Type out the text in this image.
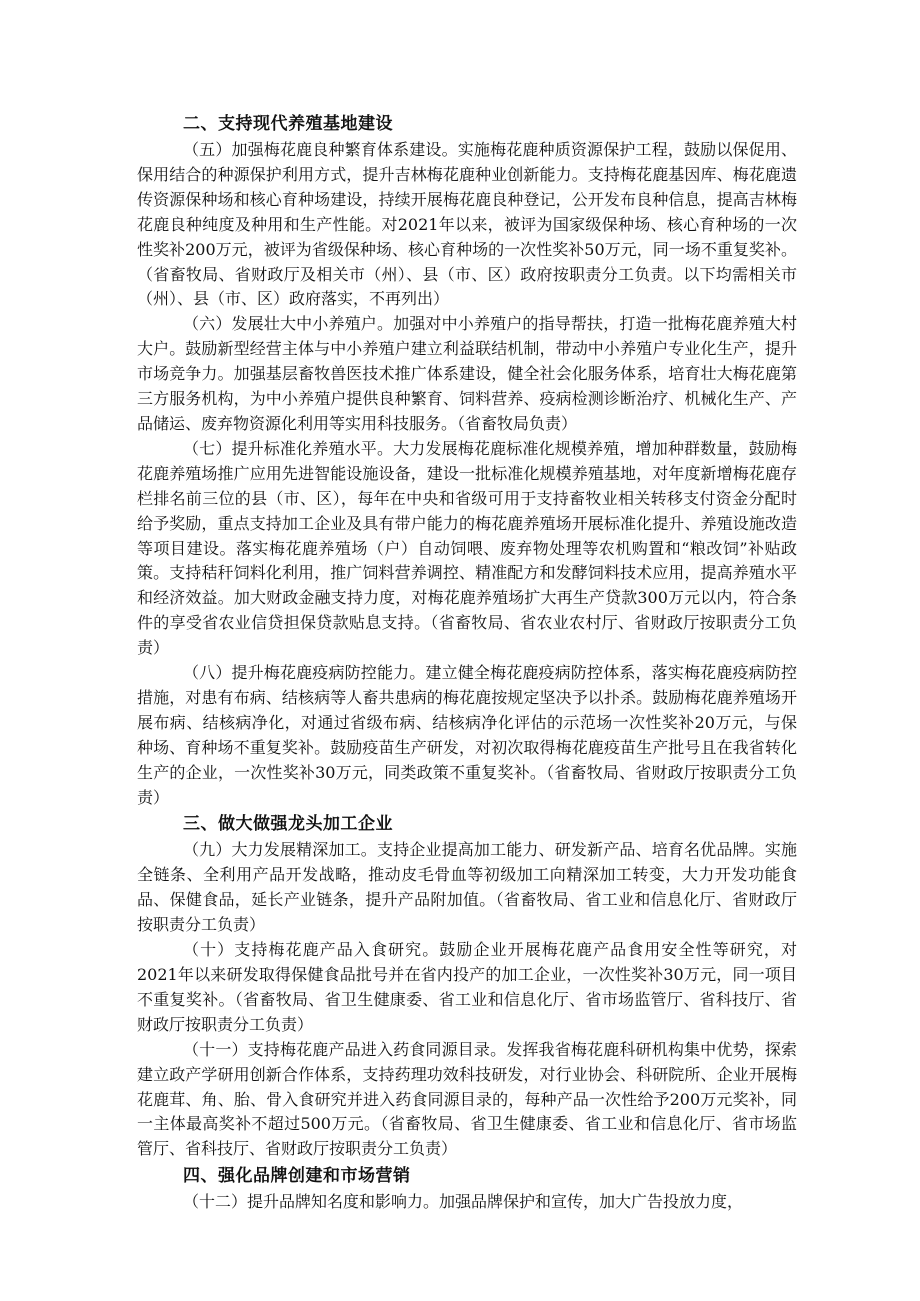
二、支持现代养殖基地建设

（五）加强梅花鹿良种繁育体系建设。实施梅花鹿种质资源保护工程，鼓励以保促用、保用结合的种源保护利用方式，提升吉林梅花鹿种业创新能力。支持梅花鹿基因库、梅花鹿遗传资源保种场和核心育种场建设，持续开展梅花鹿良种登记，公开发布良种信息，提高吉林梅花鹿良种纯度及种用和生产性能。对2021年以来，被评为国家级保种场、核心育种场的一次性奖补200万元，被评为省级保种场、核心育种场的一次性奖补50万元，同一场不重复奖补。（省畜牧局、省财政厅及相关市（州）、县（市、区）政府按职责分工负责。以下均需相关市（州）、县（市、区）政府落实，不再列出）

（六）发展壮大中小养殖户。加强对中小养殖户的指导帮扶，打造一批梅花鹿养殖大村大户。鼓励新型经营主体与中小养殖户建立利益联结机制，带动中小养殖户专业化生产，提升市场竞争力。加强基层畜牧兽医技术推广体系建设，健全社会化服务体系，培育壮大梅花鹿第三方服务机构，为中小养殖户提供良种繁育、饲料营养、疫病检测诊断治疗、机械化生产、产品储运、废弃物资源化利用等实用科技服务。（省畜牧局负责）

（七）提升标准化养殖水平。大力发展梅花鹿标准化规模养殖，增加种群数量，鼓励梅花鹿养殖场推广应用先进智能设施设备，建设一批标准化规模养殖基地，对年度新增梅花鹿存栏排名前三位的县（市、区），每年在中央和省级可用于支持畜牧业相关转移支付资金分配时给予奖励，重点支持加工企业及具有带户能力的梅花鹿养殖场开展标准化提升、养殖设施改造等项目建设。落实梅花鹿养殖场（户）自动饲喂、废弃物处理等农机购置和“粮改饲”补贴政策。支持秸秆饲料化利用，推广饲料营养调控、精准配方和发酵饲料技术应用，提高养殖水平和经济效益。加大财政金融支持力度，对梅花鹿养殖场扩大再生产贷款300万元以内，符合条件的享受省农业信贷担保贷款贴息支持。（省畜牧局、省农业农村厅、省财政厅按职责分工负责）

（八）提升梅花鹿疫病防控能力。建立健全梅花鹿疫病防控体系，落实梅花鹿疫病防控措施，对患有布病、结核病等人畜共患病的梅花鹿按规定坚决予以扑杀。鼓励梅花鹿养殖场开展布病、结核病净化，对通过省级布病、结核病净化评估的示范场一次性奖补20万元，与保种场、育种场不重复奖补。鼓励疫苗生产研发，对初次取得梅花鹿疫苗生产批号且在我省转化生产的企业，一次性奖补30万元，同类政策不重复奖补。（省畜牧局、省财政厅按职责分工负责）

三、做大做强龙头加工企业

（九）大力发展精深加工。支持企业提高加工能力、研发新产品、培育名优品牌。实施全链条、全利用产品开发战略，推动皮毛骨血等初级加工向精深加工转变，大力开发功能食品、保健食品，延长产业链条，提升产品附加值。（省畜牧局、省工业和信息化厅、省财政厅按职责分工负责）

（十）支持梅花鹿产品入食研究。鼓励企业开展梅花鹿产品食用安全性等研究，对2021年以来研发取得保健食品批号并在省内投产的加工企业，一次性奖补30万元，同一项目不重复奖补。（省畜牧局、省卫生健康委、省工业和信息化厅、省市场监管厅、省科技厅、省财政厅按职责分工负责）

（十一）支持梅花鹿产品进入药食同源目录。发挥我省梅花鹿科研机构集中优势，探索建立政产学研用创新合作体系，支持药理功效科技研发，对行业协会、科研院所、企业开展梅花鹿茸、角、胎、骨入食研究并进入药食同源目录的，每种产品一次性给予200万元奖补，同一主体最高奖补不超过500万元。（省畜牧局、省卫生健康委、省工业和信息化厅、省市场监管厅、省科技厅、省财政厅按职责分工负责）

四、强化品牌创建和市场营销

（十二）提升品牌知名度和影响力。加强品牌保护和宣传，加大广告投放力度，
